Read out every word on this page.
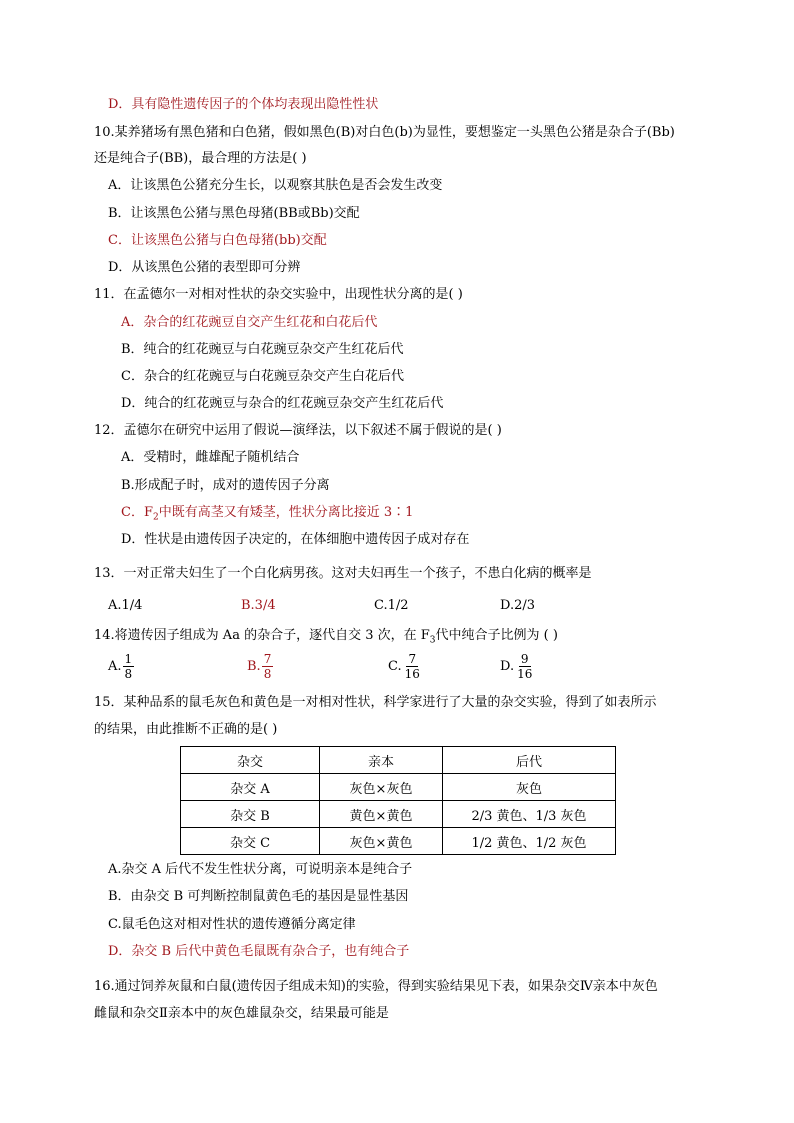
D．具有隐性遗传因子的个体均表现出隐性性状
10.某养猪场有黑色猪和白色猪，假如黑色(B)对白色(b)为显性，要想鉴定一头黑色公猪是杂合子(Bb)
还是纯合子(BB)，最合理的方法是( )
A．让该黑色公猪充分生长，以观察其肤色是否会发生改变
B．让该黑色公猪与黑色母猪(BB或Bb)交配
C．让该黑色公猪与白色母猪(bb)交配
D．从该黑色公猪的表型即可分辨
11．在孟德尔一对相对性状的杂交实验中，出现性状分离的是( )
A．杂合的红花豌豆自交产生红花和白花后代
B．纯合的红花豌豆与白花豌豆杂交产生红花后代
C．杂合的红花豌豆与白花豌豆杂交产生白花后代
D．纯合的红花豌豆与杂合的红花豌豆杂交产生红花后代
12．孟德尔在研究中运用了假说—演绎法，以下叙述不属于假说的是( )
A．受精时，雌雄配子随机结合
B.形成配子时，成对的遗传因子分离
C．$F_2$中既有高茎又有矮茎，性状分离比接近 3∶1
D．性状是由遗传因子决定的，在体细胞中遗传因子成对存在
13．一对正常夫妇生了一个白化病男孩。这对夫妇再生一个孩子，不患白化病的概率是
A.1/4	B.3/4	C.1/2	D.2/3
14.将遗传因子组成为 Aa 的杂合子，逐代自交 3 次，在 $F_3$代中纯合子比例为 ( )
A. $\frac{1}{8}$	B. $\frac{7}{8}$	C. $\frac{7}{16}$	D. $\frac{9}{16}$
15．某种品系的鼠毛灰色和黄色是一对相对性状，科学家进行了大量的杂交实验，得到了如表所示
的结果，由此推断不正确的是( )
杂交	亲本	后代
杂交 A	灰色×灰色	灰色
杂交 B	黄色×黄色	2/3 黄色、1/3 灰色
杂交 C	灰色×黄色	1/2 黄色、1/2 灰色
A.杂交 A 后代不发生性状分离，可说明亲本是纯合子
B．由杂交 B 可判断控制鼠黄色毛的基因是显性基因
C.鼠毛色这对相对性状的遗传遵循分离定律
D．杂交 B 后代中黄色毛鼠既有杂合子，也有纯合子
16.通过饲养灰鼠和白鼠(遗传因子组成未知)的实验，得到实验结果见下表，如果杂交Ⅳ亲本中灰色
雌鼠和杂交Ⅱ亲本中的灰色雄鼠杂交，结果最可能是
